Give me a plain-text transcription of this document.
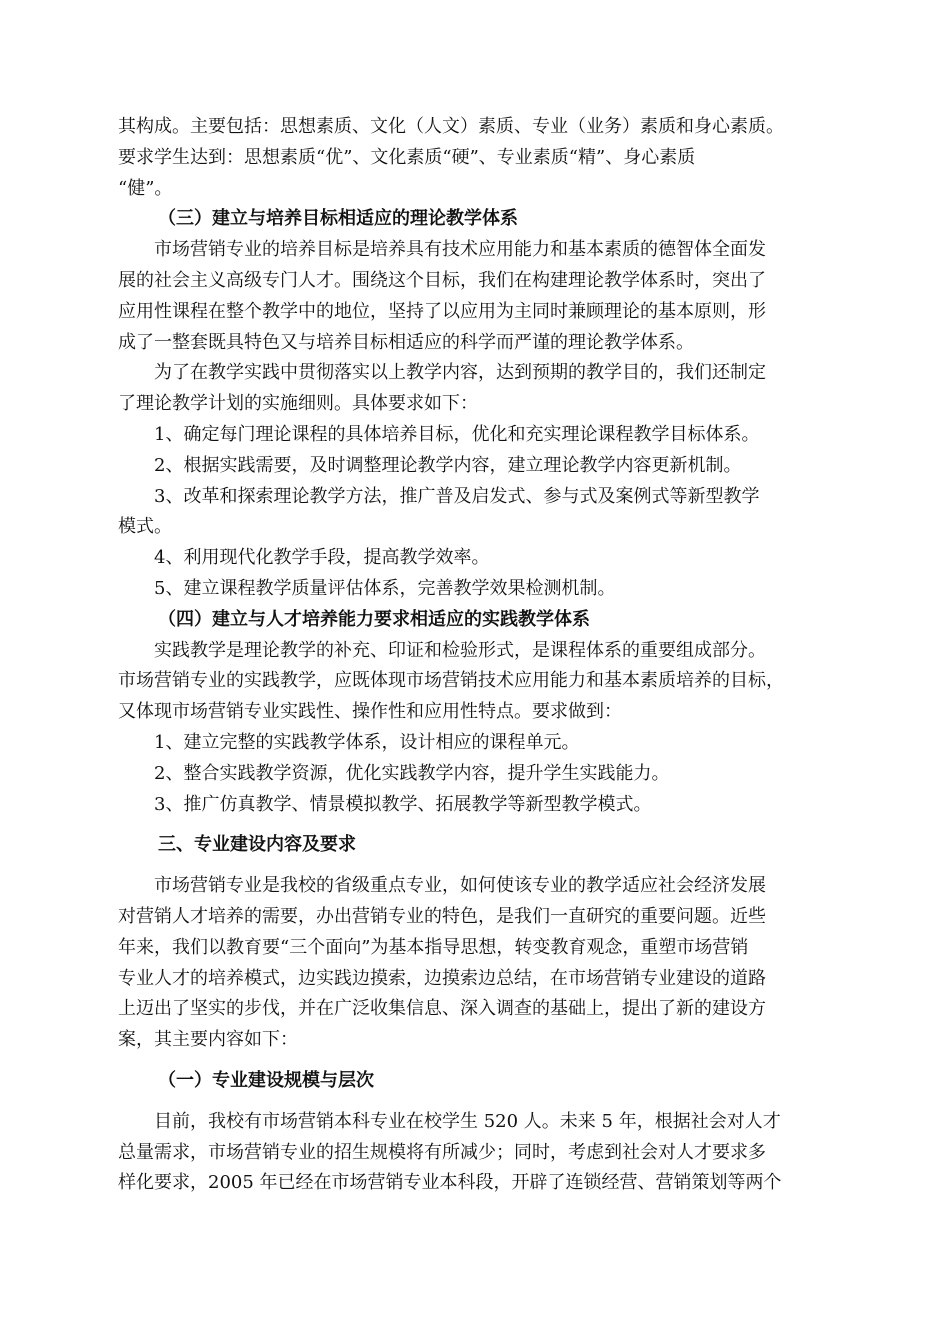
其构成。主要包括：思想素质、文化（人文）素质、专业（业务）素质和身心素质。
要求学生达到：思想素质“优”、文化素质“硬”、专业素质“精”、身心素质
“健”。
（三）建立与培养目标相适应的理论教学体系
市场营销专业的培养目标是培养具有技术应用能力和基本素质的德智体全面发
展的社会主义高级专门人才。围绕这个目标，我们在构建理论教学体系时，突出了
应用性课程在整个教学中的地位，坚持了以应用为主同时兼顾理论的基本原则，形
成了一整套既具特色又与培养目标相适应的科学而严谨的理论教学体系。
为了在教学实践中贯彻落实以上教学内容，达到预期的教学目的，我们还制定
了理论教学计划的实施细则。具体要求如下：
1、确定每门理论课程的具体培养目标，优化和充实理论课程教学目标体系。
2、根据实践需要，及时调整理论教学内容，建立理论教学内容更新机制。
3、改革和探索理论教学方法，推广普及启发式、参与式及案例式等新型教学
模式。
4、利用现代化教学手段，提高教学效率。
5、建立课程教学质量评估体系，完善教学效果检测机制。
（四）建立与人才培养能力要求相适应的实践教学体系
实践教学是理论教学的补充、印证和检验形式，是课程体系的重要组成部分。
市场营销专业的实践教学，应既体现市场营销技术应用能力和基本素质培养的目标，
又体现市场营销专业实践性、操作性和应用性特点。要求做到：
1、建立完整的实践教学体系，设计相应的课程单元。
2、整合实践教学资源，优化实践教学内容，提升学生实践能力。
3、推广仿真教学、情景模拟教学、拓展教学等新型教学模式。
三、专业建设内容及要求
市场营销专业是我校的省级重点专业，如何使该专业的教学适应社会经济发展
对营销人才培养的需要，办出营销专业的特色，是我们一直研究的重要问题。近些
年来，我们以教育要“三个面向”为基本指导思想，转变教育观念，重塑市场营销
专业人才的培养模式，边实践边摸索，边摸索边总结，在市场营销专业建设的道路
上迈出了坚实的步伐，并在广泛收集信息、深入调查的基础上，提出了新的建设方
案，其主要内容如下：
（一）专业建设规模与层次
目前，我校有市场营销本科专业在校学生 520 人。未来 5 年，根据社会对人才
总量需求，市场营销专业的招生规模将有所减少；同时，考虑到社会对人才要求多
样化要求，2005 年已经在市场营销专业本科段，开辟了连锁经营、营销策划等两个
